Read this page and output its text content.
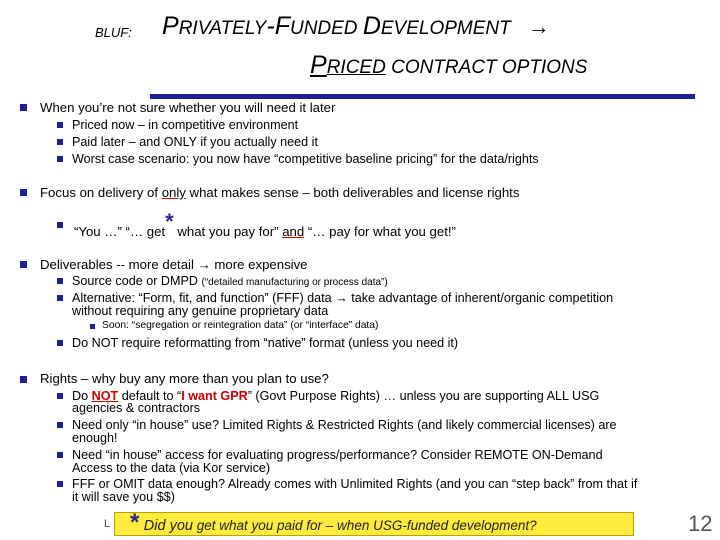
BLUF: PRIVATELY-FUNDED DEVELOPMENT →
PRICED CONTRACT OPTIONS
When you’re not sure whether you will need it later
Priced now – in competitive environment
Paid later – and ONLY if you actually need it
Worst case scenario: you now have “competitive baseline pricing” for the data/rights
Focus on delivery of only what makes sense – both deliverables and license rights
“You …” “… get* what you pay for” and “… pay for what you get!”
Deliverables -- more detail → more expensive
Source code or DMPD (“detailed manufacturing or process data”)
Alternative: “Form, fit, and function” (FFF) data → take advantage of inherent/organic competition
without requiring any genuine proprietary data
Soon: “segregation or reintegration data” (or “interface” data)
Do NOT require reformatting from “native” format (unless you need it)
Rights – why buy any more than you plan to use?
Do NOT default to “I want GPR” (Govt Purpose Rights) … unless you are supporting ALL USG
agencies & contractors
Need only “in house” use? Limited Rights & Restricted Rights (and likely commercial licenses) are
enough!
Need “in house” access for evaluating progress/performance? Consider REMOTE ON-Demand
Access to the data (via Kor service)
FFF or OMIT data enough? Already comes with Unlimited Rights (and you can “step back” from that if
it will save you $$)
L * Did you get what you paid for – when USG-funded development?	12
